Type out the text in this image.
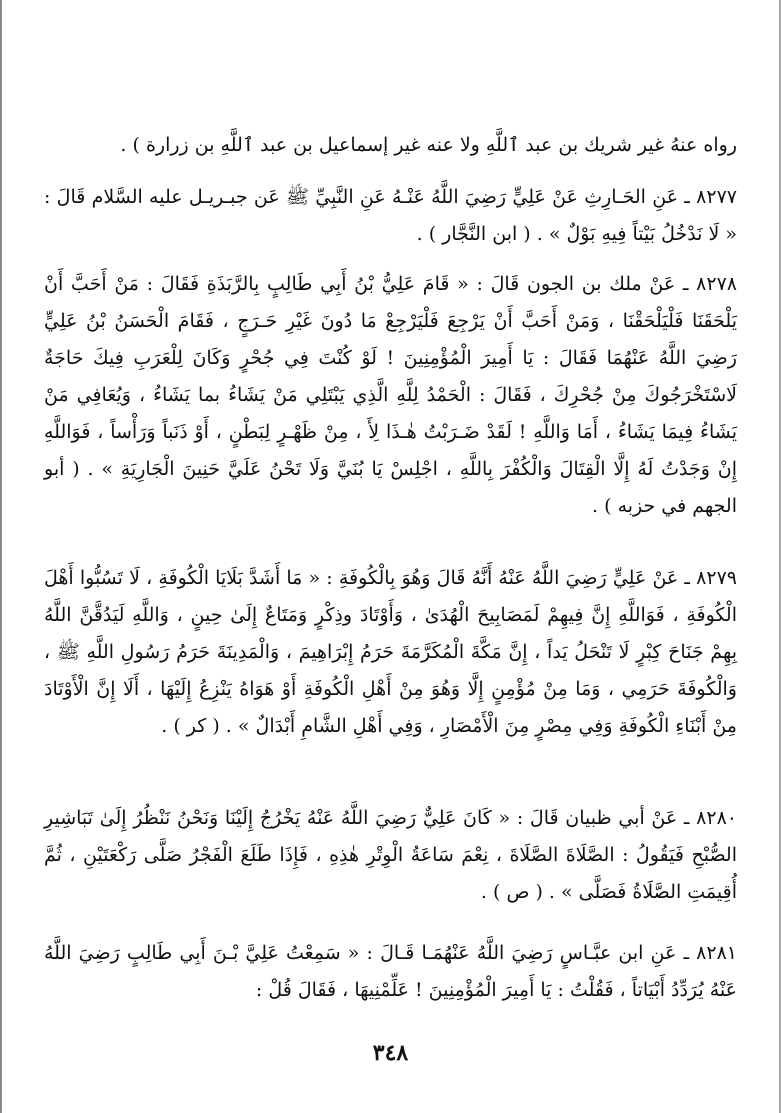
رواه عنهُ غير شريك بن عبد ٱللَّهِ ولا عنه غير إسماعيل بن عبد ٱللَّهِ بن زرارة ) .

٨٢٧٧ ـ عَنِ الحَـارِثِ عَنْ عَلِيٍّ رَضِيَ اللَّهُ عَنْـهُ عَنِ النَّبِيِّ ﷺ عَن جبـريـل عليه السَّلام قَالَ : « لَا نَدْخُلُ بَيْتاً فِيهِ بَوْلٌ » . ( ابن النَّجَّار ) .

٨٢٧٨ ـ عَنْ ملك بن الجون قَالَ : « قَامَ عَلِيُّ بْنُ أَبِي طَالِبٍ بِالرَّبَذَةِ فَقَالَ : مَنْ أَحَبَّ أَنْ يَلْحَقَنَا فَلْيَلْحَقْنَا ، وَمَنْ أَحَبَّ أَنْ يَرْجِعَ فَلْيَرْجِعْ مَا دُونَ غَيْرِ حَـرَجٍ ، فَقَامَ الْحَسَنُ بْنُ عَلِيٍّ رَضِيَ اللَّهُ عَنْهُمَا فَقَالَ : يَا أَمِيرَ الْمُؤْمِنِينَ ! لَوْ كُنْتَ فِي جُحْرٍ وَكَانَ لِلْعَرَبِ فِيكَ حَاجَةٌ لَاسْتَخْرَجُوكَ مِنْ جُحْرِكَ ، فَقَالَ : الْحَمْدُ لِلَّهِ الَّذِي يَبْتَلِي مَنْ يَشَاءُ بما يَشَاءُ ، وَيُعَافِي مَنْ يَشَاءُ فِيمَا يَشَاءُ ، أَمَا وَاللَّهِ ! لَقَدْ ضَـرَبْتُ هٰـذَا لِأَ ، مِنْ ظَهْـرٍ لِبَطْنٍ ، أَوْ ذَنَباً وَرَأْساً ، فَوَاللَّهِ إِنْ وَجَدْتُ لَهُ إِلَّا الْقِتَالَ وَالْكُفْرَ بِاللَّهِ ، اجْلِسْ يَا بُنَيَّ وَلَا تَحْنُ عَلَيَّ حَنِينَ الْجَارِيَةِ » . ( أبو الجهم في حزبه ) .

٨٢٧٩ ـ عَنْ عَلِيٍّ رَضِيَ اللَّهُ عَنْهُ أَنَّهُ قَالَ وَهُوَ بِالْكُوفَةِ : « مَا أَشَدَّ بَلَايَا الْكُوفَةِ ، لَا تَسُبُّوا أَهْلَ الْكُوفَةِ ، فَوَاللَّهِ إِنَّ فِيهِمْ لَمَصَابِيحَ الْهُدَىٰ ، وَأَوْتَادَ وذِكْرٍ وَمَتَاعٌ إِلَىٰ حِينٍ ، وَاللَّهِ لَيَدُقَّنَّ اللَّهُ بِهِمْ جَنَاحَ كِبْرٍ لَا تَنْحَلُ يَداً ، إِنَّ مَكَّةَ الْمُكَرَّمَةَ حَرَمُ إِبْرَاهِيمَ ، وَالْمَدِينَةَ حَرَمُ رَسُولِ اللَّهِ ﷺ ، وَالْكُوفَةَ حَرَمِي ، وَمَا مِنْ مُؤْمِنٍ إِلَّا وَهُوَ مِنْ أَهْلِ الْكُوفَةِ أَوْ هَوَاهُ يَنْزِعُ إِلَيْهَا ، أَلَا إِنَّ الْأَوْتَادَ مِنْ أَبْنَاءِ الْكُوفَةِ وَفِي مِصْرٍ مِنَ الْأَمْصَارِ ، وَفِي أَهْلِ الشَّامِ أَبْدَالٌ » . ( كر ) .

٨٢٨٠ ـ عَنْ أبي ظبيان قَالَ : « كَانَ عَلِيٌّ رَضِيَ اللَّهُ عَنْهُ يَخْرُجُ إِلَيْنَا وَنَحْنُ نَنْظُرُ إِلَىٰ تَبَاشِيرِ الصُّبْحِ فَيَقُولُ : الصَّلَاةَ الصَّلَاةَ ، نِعْمَ سَاعَةُ الْوِتْرِ هٰذِهِ ، فَإِذَا طَلَعَ الْفَجْرُ صَلَّى رَكْعَتَيْنِ ، ثُمَّ أُقِيمَتِ الصَّلَاةُ فَصَلَّى » . ( ص ) .

٨٢٨١ ـ عَنِ ابن عبَّـاسٍ رَضِيَ اللَّهُ عَنْهُمَـا قَـالَ : « سَمِعْتُ عَلِيَّ بْـنَ أَبِي طَالِبٍ رَضِيَ اللَّهُ عَنْهُ يُرَدِّدُ أَبْيَاتاً ، فَقُلْتُ : يَا أَمِيرَ الْمُؤْمِنِينَ ! عَلِّمْنِيهَا ، فَقَالَ قُلْ :

٣٤٨
